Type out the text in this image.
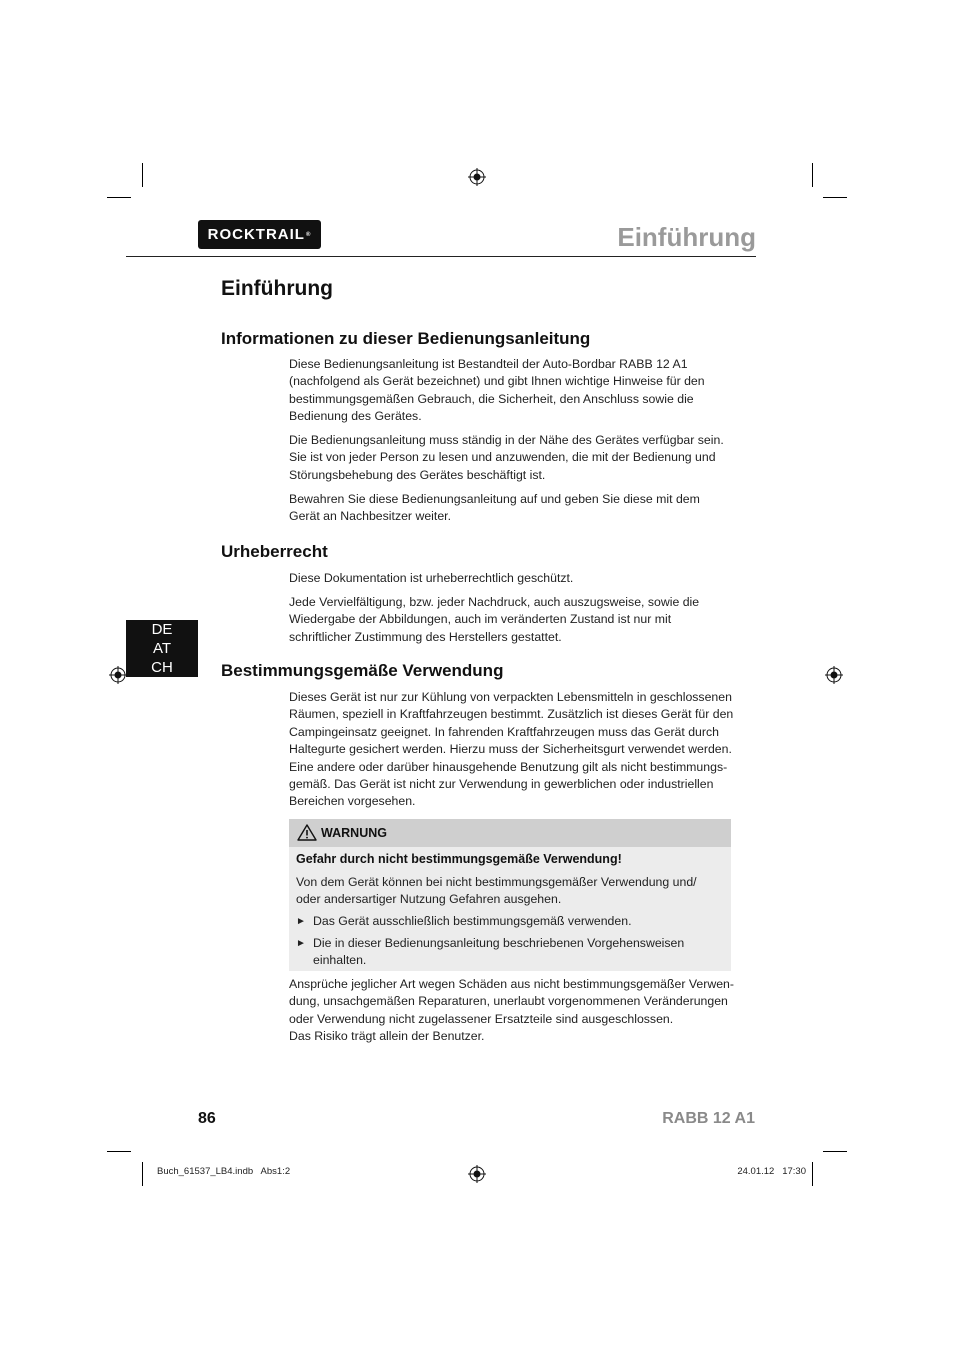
ROCKTRAIL ®	Einführung
DE
AT
CH
Einführung
Informationen zu dieser Bedienungsanleitung

Diese Bedienungsanleitung ist Bestandteil der Auto-Bordbar RABB 12 A1 (nachfolgend als Gerät bezeichnet) und gibt Ihnen wichtige Hinweise für den bestimmungsgemäßen Gebrauch, die Sicherheit, den Anschluss sowie die Bedienung des Gerätes.

Die Bedienungsanleitung muss ständig in der Nähe des Gerätes verfügbar sein. Sie ist von jeder Person zu lesen und anzuwenden, die mit der Bedienung und Störungsbehebung des Gerätes beschäftigt ist.

Bewahren Sie diese Bedienungsanleitung auf und geben Sie diese mit dem Gerät an Nachbesitzer weiter.

Urheberrecht

Diese Dokumentation ist urheberrechtlich geschützt.

Jede Vervielfältigung, bzw. jeder Nachdruck, auch auszugsweise, sowie die Wiedergabe der Abbildungen, auch im veränderten Zustand ist nur mit schriftlicher Zustimmung des Herstellers gestattet.

Bestimmungsgemäße Verwendung

Dieses Gerät ist nur zur Kühlung von verpackten Lebensmitteln in geschlossenen Räumen, speziell in Kraftfahrzeugen bestimmt. Zusätzlich ist dieses Gerät für den Campingeinsatz geeignet. In fahrenden Kraftfahrzeugen muss das Gerät durch Haltegurte gesichert werden. Hierzu muss der Sicherheitsgurt verwendet werden. Eine andere oder darüber hinausgehende Benutzung gilt als nicht bestimmungs- gemäß. Das Gerät ist nicht zur Verwendung in gewerblichen oder industriellen Bereichen vorgesehen.

WARNUNG
Gefahr durch nicht bestimmungsgemäße Verwendung!

Von dem Gerät können bei nicht bestimmungsgemäßer Verwendung und/ oder andersartiger Nutzung Gefahren ausgehen.

► Das Gerät ausschließlich bestimmungsgemäß verwenden.
► Die in dieser Bedienungsanleitung beschriebenen Vorgehensweisen einhalten.

Ansprüche jeglicher Art wegen Schäden aus nicht bestimmungsgemäßer Verwen- dung, unsachgemäßen Reparaturen, unerlaubt vorgenommenen Veränderungen oder Verwendung nicht zugelassener Ersatzteile sind ausgeschlossen.

Das Risiko trägt allein der Benutzer.

86	RABB 12 A1
Buch_61537_LB4.indb   Abs1:2	24.01.12   17:30
